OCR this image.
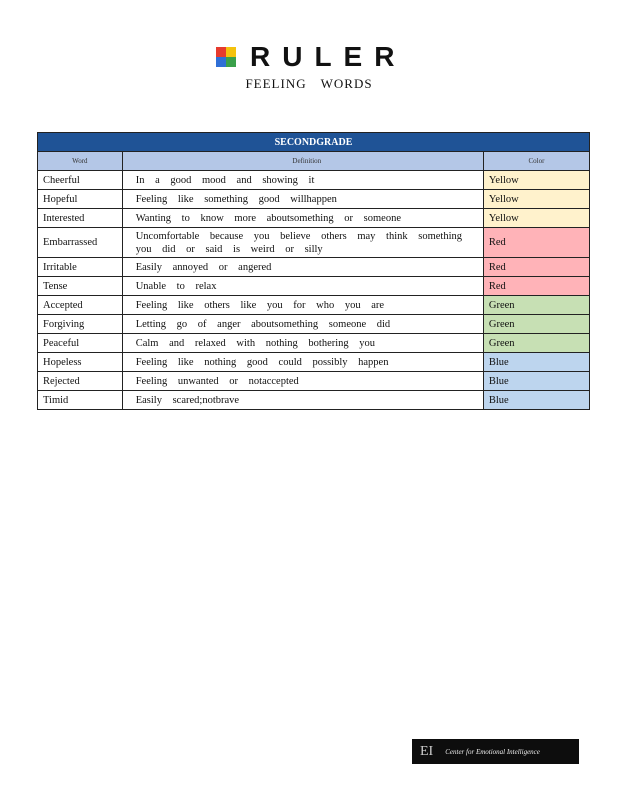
RULER
FEELING WORDS
SECONDGRADE		
Word	Definition	Color
Cheerful	In a good mood and showing it	Yellow
Hopeful	Feeling like something good willhappen	Yellow
Interested	Wanting to know more aboutsomething or someone	Yellow
Embarrassed	Uncomfortable because you believe others may think something you did or said is weird or silly	Red
Irritable	Easily annoyed or angered	Red
Tense	Unable to relax	Red
Accepted	Feeling like others like you for who you are	Green
Forgiving	Letting go of anger aboutsomething someone did	Green
Peaceful	Calm and relaxed with nothing bothering you	Green
Hopeless	Feeling like nothing good could possibly happen	Blue
Rejected	Feeling unwanted or notaccepted	Blue
Timid	Easily scared;notbrave	Blue
EI Center for Emotional Intelligence
